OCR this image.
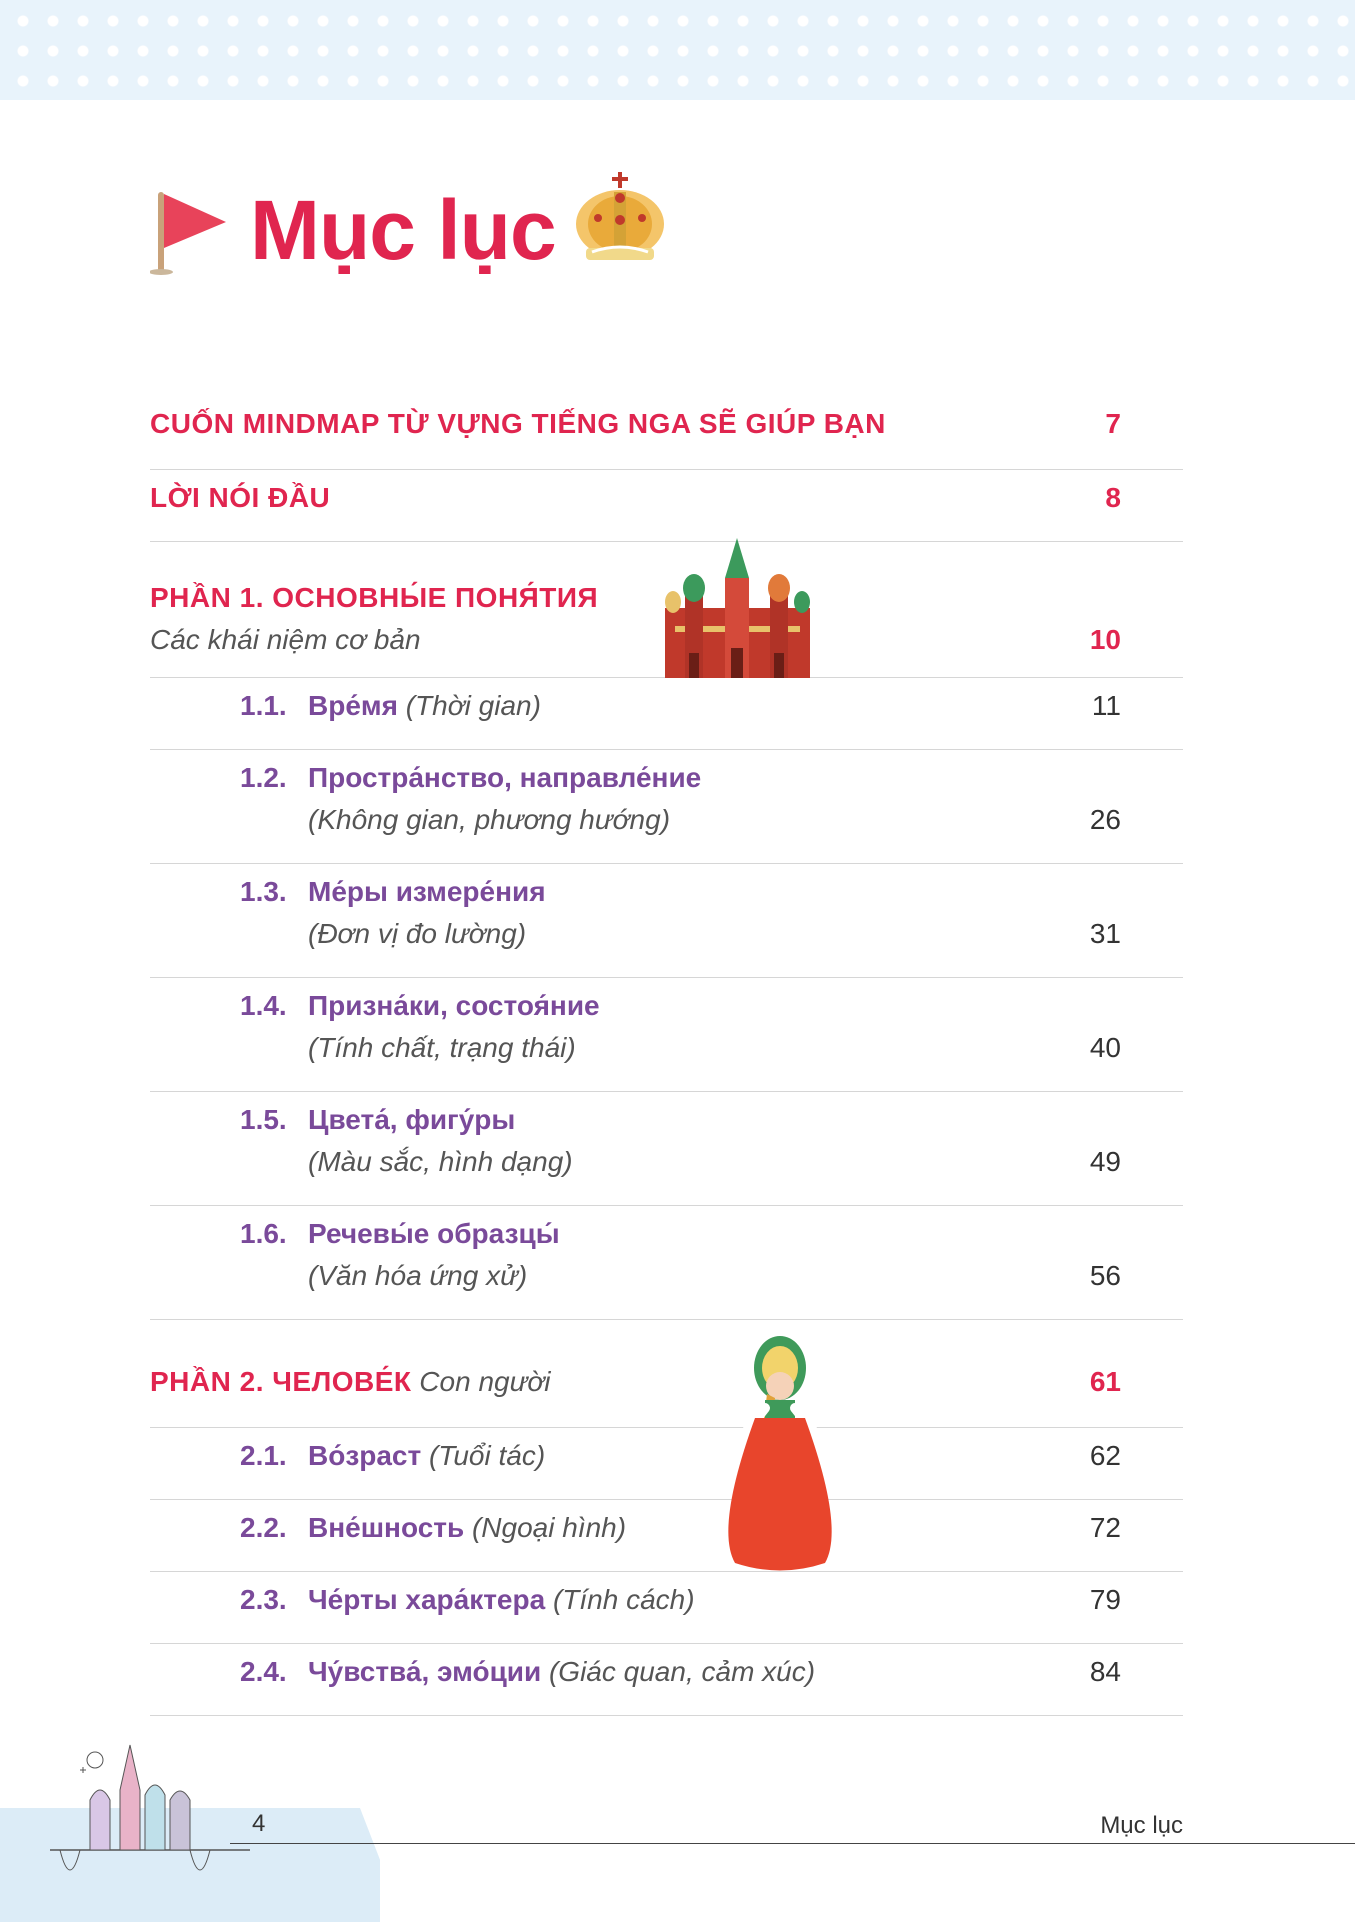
Mục lục
CUỐN MINDMAP TỪ VỰNG TIẾNG NGA SẼ GIÚP BẠN	7
LỜI NÓI ĐẦU	8
PHẦN 1. ОСНОВНЫ́Е ПОНЯ́ТИЯ
Các khái niệm cơ bản	10
1.1. Вре́мя (Thời gian)	11
1.2. Простра́нство, направле́ние
(Không gian, phương hướng)	26
1.3. Ме́ры измере́ния
(Đơn vị đo lường)	31
1.4. Призна́ки, состоя́ние
(Tính chất, trạng thái)	40
1.5. Цвета́, фигу́ры
(Màu sắc, hình dạng)	49
1.6. Речевы́е образцы́
(Văn hóa ứng xử)	56
PHẦN 2. ЧЕЛОВЕ́К Con người	61
2.1. Во́зраст (Tuổi tác)	62
2.2. Вне́шность (Ngoại hình)	72
2.3. Че́рты хара́ктера (Tính cách)	79
2.4. Чу́вства́, эмо́ции (Giác quan, cảm xúc)	84
4	Mục lục
